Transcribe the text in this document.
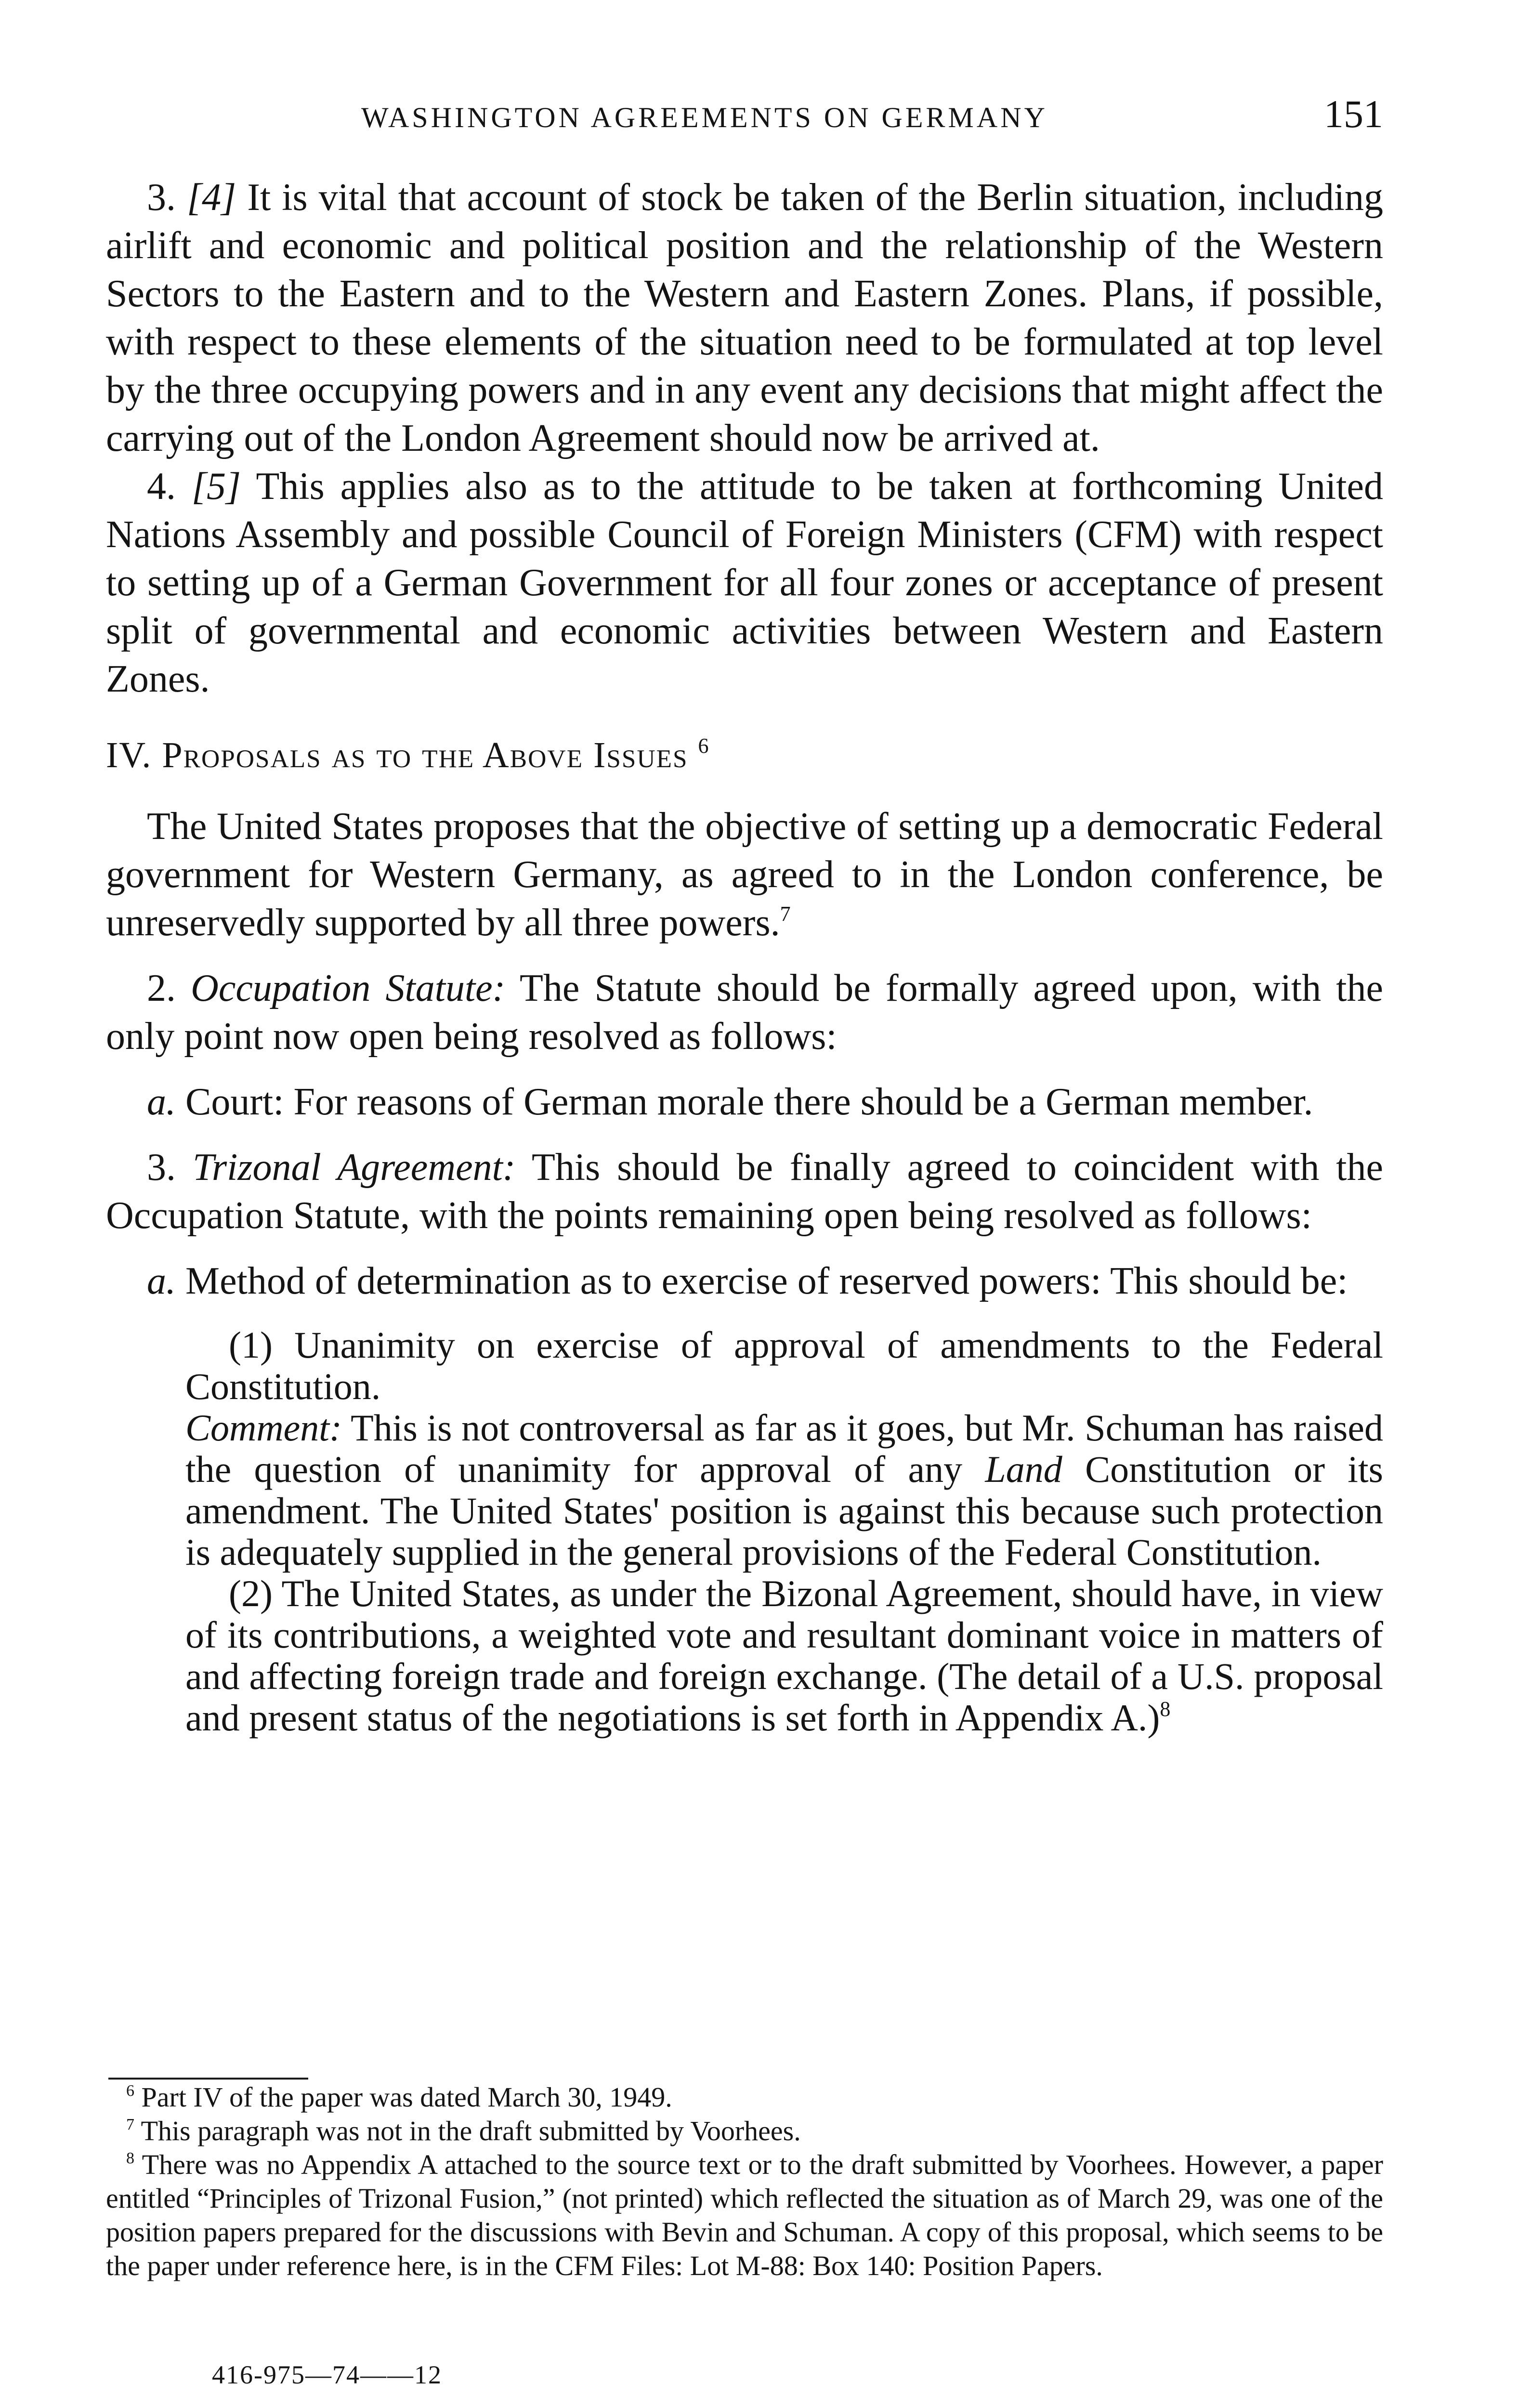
WASHINGTON AGREEMENTS ON GERMANY	151

3. [4] It is vital that account of stock be taken of the Berlin situation, including airlift and economic and political position and the relationship of the Western Sectors to the Eastern and to the Western and Eastern Zones. Plans, if possible, with respect to these elements of the situation need to be formulated at top level by the three occupying powers and in any event any decisions that might affect the carrying out of the London Agreement should now be arrived at.

4. [5] This applies also as to the attitude to be taken at forthcoming United Nations Assembly and possible Council of Foreign Ministers (CFM) with respect to setting up of a German Government for all four zones or acceptance of present split of governmental and economic activities between Western and Eastern Zones.

IV. Proposals as to the Above Issues $^6$

The United States proposes that the objective of setting up a democratic Federal government for Western Germany, as agreed to in the London conference, be unreservedly supported by all three powers.$^7$

2. Occupation Statute: The Statute should be formally agreed upon, with the only point now open being resolved as follows:

a. Court: For reasons of German morale there should be a German member.

3. Trizonal Agreement: This should be finally agreed to coincident with the Occupation Statute, with the points remaining open being resolved as follows:

a. Method of determination as to exercise of reserved powers: This should be:

(1) Unanimity on exercise of approval of amendments to the Federal Constitution.

Comment: This is not controversal as far as it goes, but Mr. Schuman has raised the question of unanimity for approval of any Land Constitution or its amendment. The United States' position is against this because such protection is adequately supplied in the general provisions of the Federal Constitution.

(2) The United States, as under the Bizonal Agreement, should have, in view of its contributions, a weighted vote and resultant dominant voice in matters of and affecting foreign trade and foreign exchange. (The detail of a U.S. proposal and present status of the negotiations is set forth in Appendix A.)$^8$

$^6$ Part IV of the paper was dated March 30, 1949.

$^7$ This paragraph was not in the draft submitted by Voorhees.

$^8$ There was no Appendix A attached to the source text or to the draft submitted by Voorhees. However, a paper entitled “Principles of Trizonal Fusion,” (not printed) which reflected the situation as of March 29, was one of the position papers prepared for the discussions with Bevin and Schuman. A copy of this proposal, which seems to be the paper under reference here, is in the CFM Files: Lot M-88: Box 140: Position Papers.

416-975—74——12
